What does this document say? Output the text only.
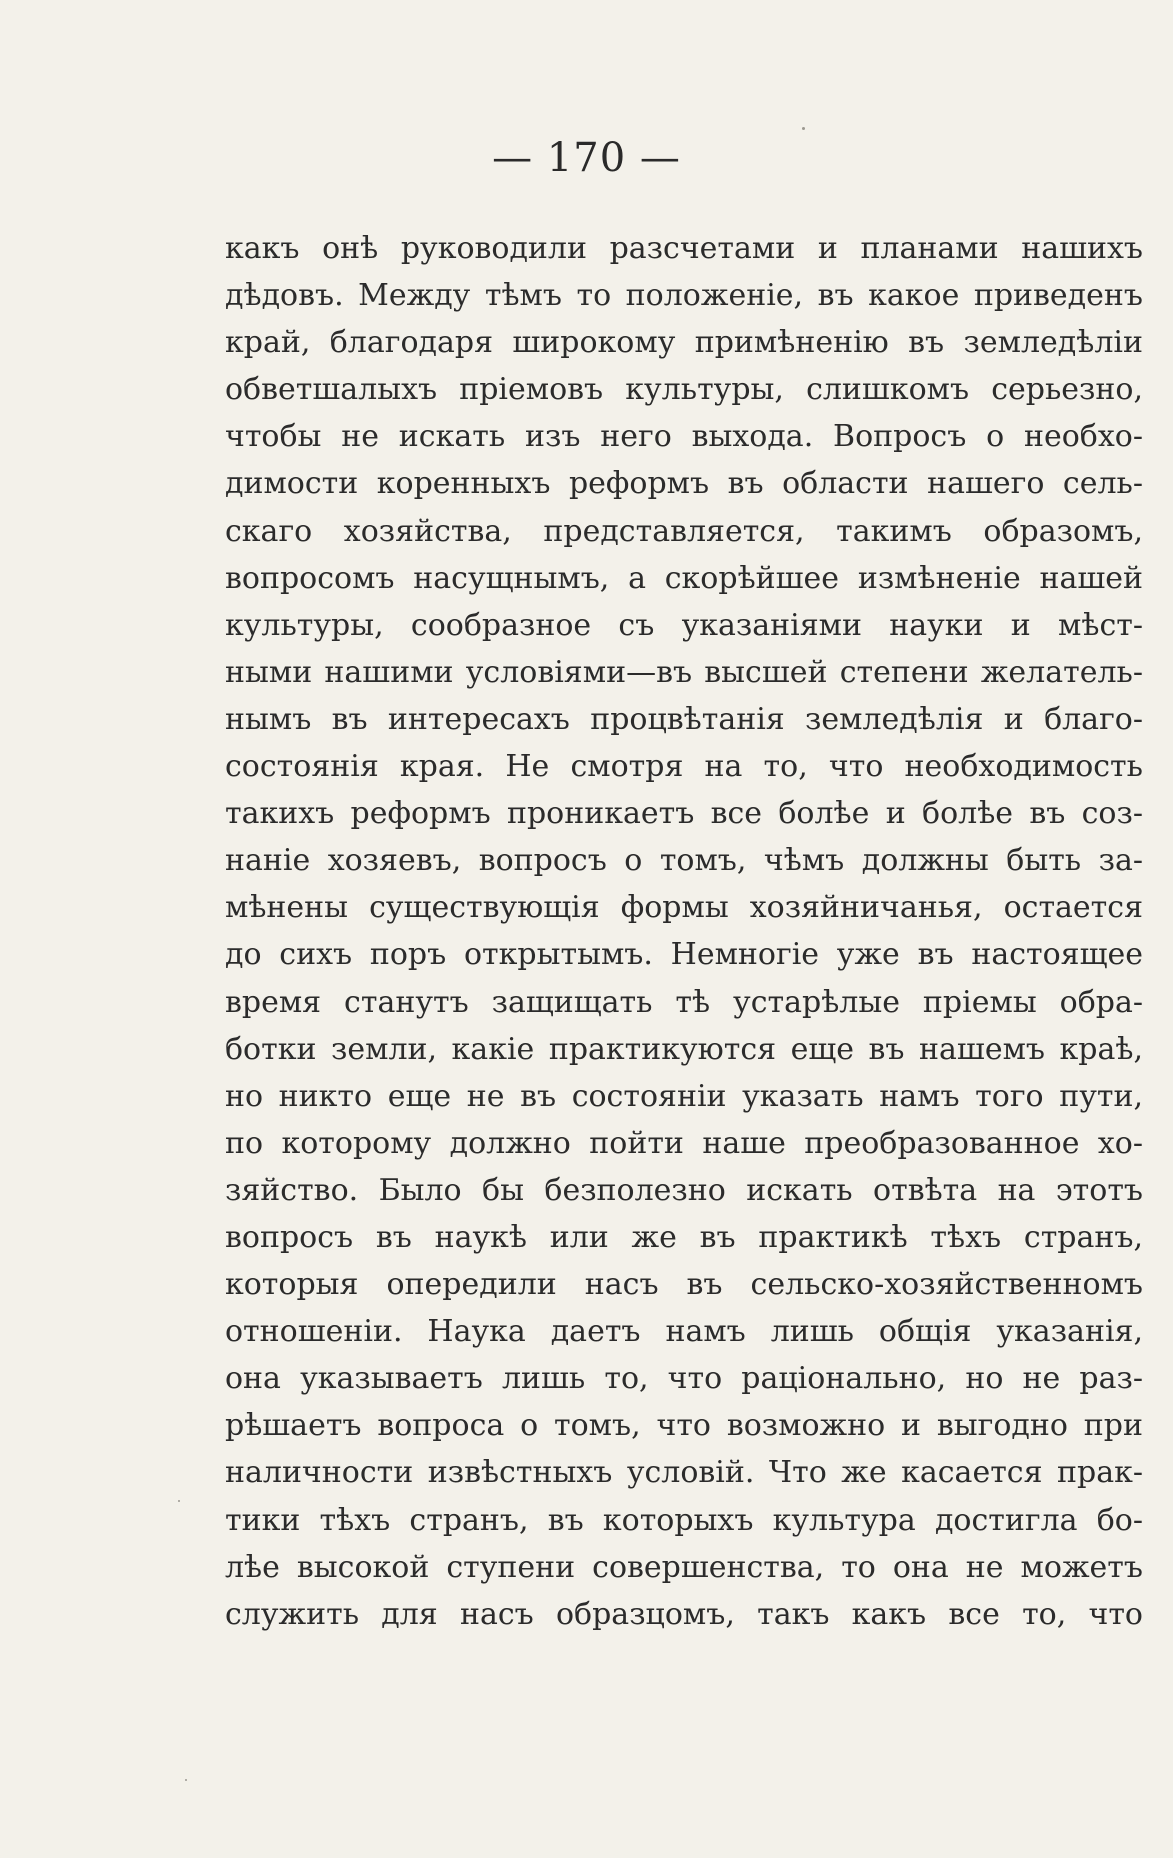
— 170 —
какъ онѣ руководили разсчетами и планами нашихъ
дѣдовъ. Между тѣмъ то положеніе, въ какое приведенъ
край, благодаря широкому примѣненію въ земледѣліи
обветшалыхъ пріемовъ культуры, слишкомъ серьезно,
чтобы не искать изъ него выхода. Вопросъ о необхо-
димости коренныхъ реформъ въ области нашего сель-
скаго хозяйства, представляется, такимъ образомъ,
вопросомъ насущнымъ, а скорѣйшее измѣненіе нашей
культуры, сообразное съ указаніями науки и мѣст-
ными нашими условіями—въ высшей степени желатель-
нымъ въ интересахъ процвѣтанія земледѣлія и благо-
состоянія края. Не смотря на то, что необходимость
такихъ реформъ проникаетъ все болѣе и болѣе въ соз-
наніе хозяевъ, вопросъ о томъ, чѣмъ должны быть за-
мѣнены существующія формы хозяйничанья, остается
до сихъ поръ открытымъ. Немногіе уже въ настоящее
время станутъ защищать тѣ устарѣлые пріемы обра-
ботки земли, какіе практикуются еще въ нашемъ краѣ,
но никто еще не въ состояніи указать намъ того пути,
по которому должно пойти наше преобразованное хо-
зяйство. Было бы безполезно искать отвѣта на этотъ
вопросъ въ наукѣ или же въ практикѣ тѣхъ странъ,
которыя опередили насъ въ сельско-хозяйственномъ
отношеніи. Наука даетъ намъ лишь общія указанія,
она указываетъ лишь то, что раціонально, но не раз-
рѣшаетъ вопроса о томъ, что возможно и выгодно при
наличности извѣстныхъ условій. Что же касается прак-
тики тѣхъ странъ, въ которыхъ культура достигла бо-
лѣе высокой ступени совершенства, то она не можетъ
служить для насъ образцомъ, такъ какъ все то, что
